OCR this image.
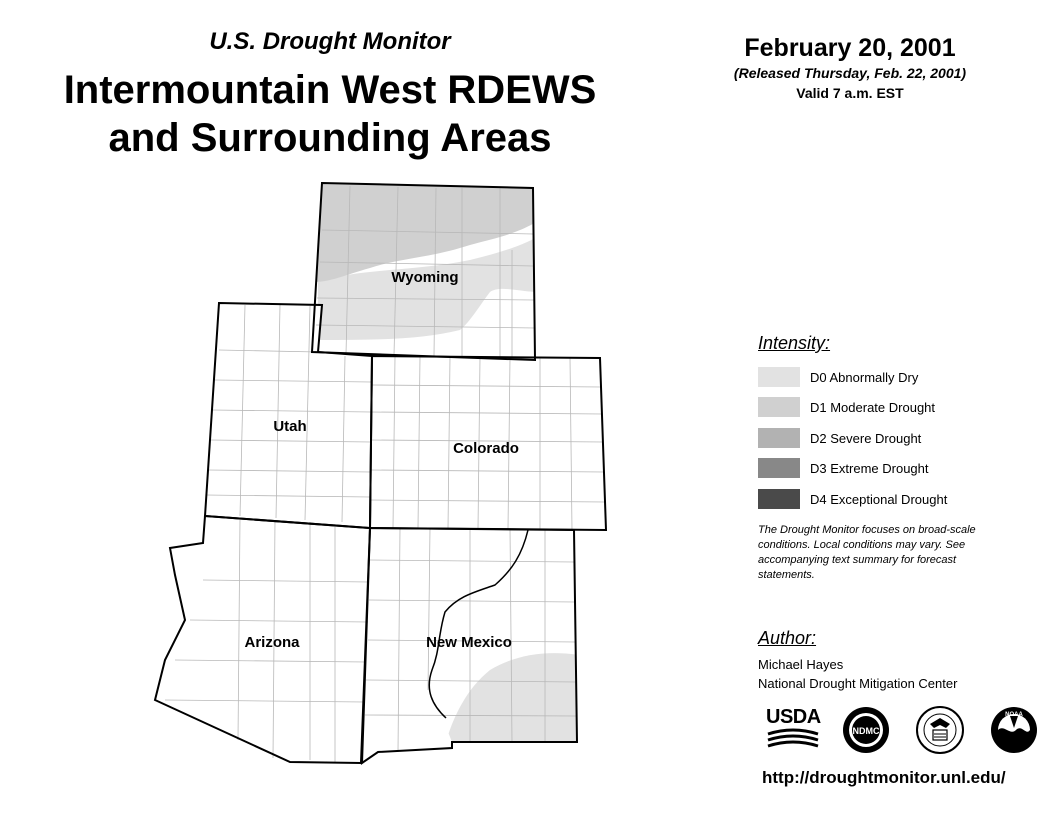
U.S. Drought Monitor
Intermountain West RDEWS
and Surrounding Areas
February 20, 2001
(Released Thursday, Feb. 22, 2001)
Valid 7 a.m. EST
Wyoming
Utah
Colorado
Arizona	New Mexico
Intensity:
D0 Abnormally Dry
D1 Moderate Drought
D2 Severe Drought
D3 Extreme Drought
D4 Exceptional Drought
The Drought Monitor focuses on broad-scale
conditions. Local conditions may vary. See
accompanying text summary for forecast
statements.
Author:
Michael Hayes
National Drought Mitigation Center
USDA
NDMC
NOAA
http://droughtmonitor.unl.edu/
